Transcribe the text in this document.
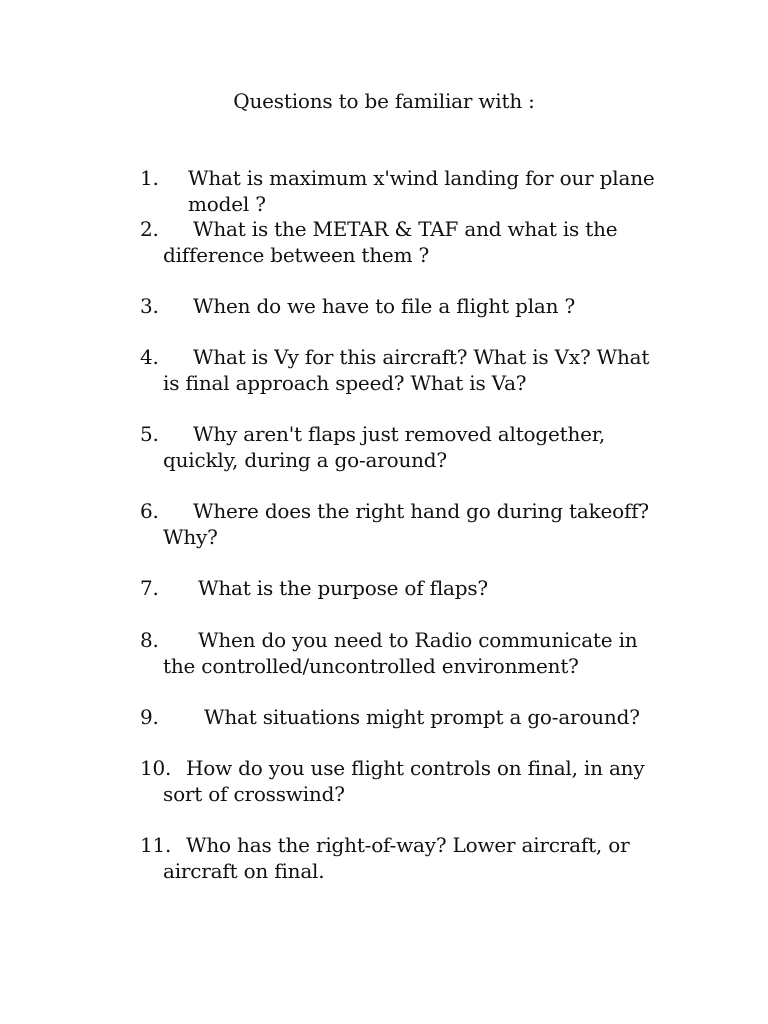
Questions to be familiar with :
1. What is maximum x'wind landing for our plane
model ?
2. What is the METAR & TAF and what is the
difference between them ?
3. When do we have to file a flight plan ?
4. What is Vy for this aircraft? What is Vx? What
is final approach speed? What is Va?
5. Why aren't flaps just removed altogether,
quickly, during a go-around?
6. Where does the right hand go during takeoff?
Why?
7. What is the purpose of flaps?
8. When do you need to Radio communicate in
the controlled/uncontrolled environment?
9. What situations might prompt a go-around?
10. How do you use flight controls on final, in any
sort of crosswind?
11. Who has the right-of-way? Lower aircraft, or
aircraft on final.
